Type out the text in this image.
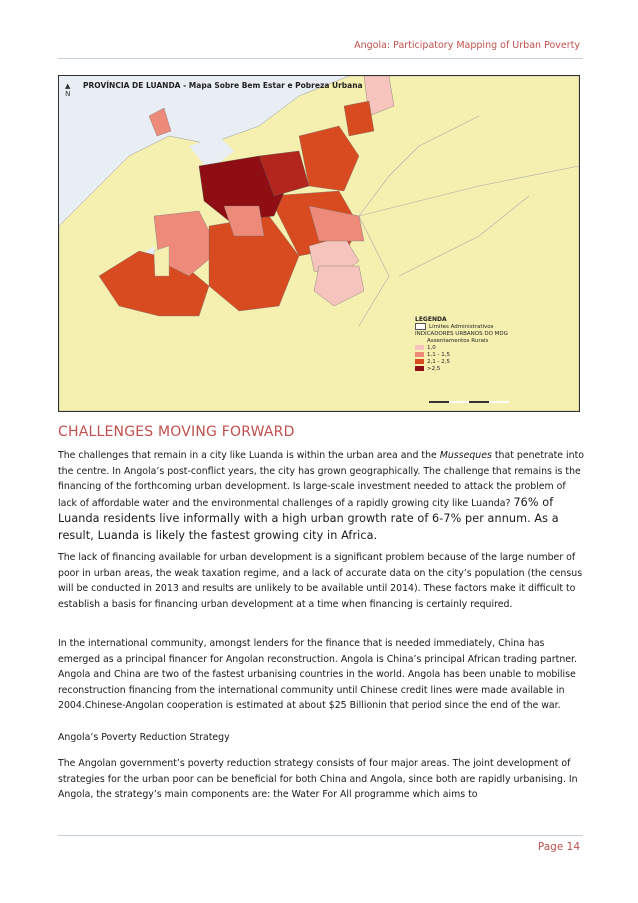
Angola: Participatory Mapping of Urban Poverty
▲
N
PROVÍNCIA DE LUANDA - Mapa Sobre Bem Estar e Pobreza Urbana
LEGENDA
Limites Administrativos
INDICADORES URBANOS DO MDG
Assentamentos Rurais
1,0
1,1 - 1,5
2,1 - 2,5
>2,5
CHALLENGES MOVING FORWARD
The challenges that remain in a city like Luanda is within the urban area and the Musseques that penetrate into the centre. In Angola’s post-conflict years, the city has grown geographically. The challenge that remains is the financing of the forthcoming urban development. Is large-scale investment needed to attack the problem of lack of affordable water and the environmental challenges of a rapidly growing city like Luanda? 76% of Luanda residents live informally with a high urban growth rate of 6-7% per annum. As a result, Luanda is likely the fastest growing city in Africa.
The lack of financing available for urban development is a significant problem because of the large number of poor in urban areas, the weak taxation regime, and a lack of accurate data on the city’s population (the census will be conducted in 2013 and results are unlikely to be available until 2014). These factors make it difficult to establish a basis for financing urban development at a time when financing is certainly required.
In the international community, amongst lenders for the finance that is needed immediately, China has emerged as a principal financer for Angolan reconstruction. Angola is China’s principal African trading partner. Angola and China are two of the fastest urbanising countries in the world. Angola has been unable to mobilise reconstruction financing from the international community until Chinese credit lines were made available in 2004.Chinese-Angolan cooperation is estimated at about $25 Billionin that period since the end of the war.
Angola’s Poverty Reduction Strategy
The Angolan government’s poverty reduction strategy consists of four major areas. The joint development of strategies for the urban poor can be beneficial for both China and Angola, since both are rapidly urbanising. In Angola, the strategy’s main components are: the Water For All programme which aims to
Page 14
